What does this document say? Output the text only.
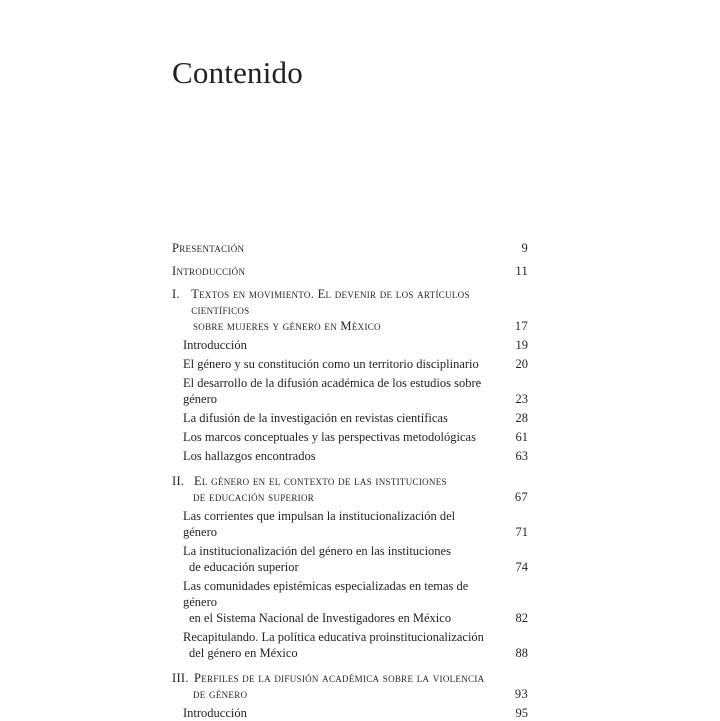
Contenido
Presentación	9
Introducción	11
I. Textos en movimiento. El devenir de los artículos científicos
sobre mujeres y género en México	17
Introducción	19
El género y su constitución como un territorio disciplinario	20
El desarrollo de la difusión académica de los estudios sobre género	23
La difusión de la investigación en revistas científicas	28
Los marcos conceptuales y las perspectivas metodológicas	61
Los hallazgos encontrados	63
II. El género en el contexto de las instituciones
de educación superior	67
Las corrientes que impulsan la institucionalización del género	71
La institucionalización del género en las instituciones
de educación superior	74
Las comunidades epistémicas especializadas en temas de género
en el Sistema Nacional de Investigadores en México	82
Recapitulando. La política educativa proinstitucionalización
del género en México	88
III. Perfiles de la difusión académica sobre la violencia
de género	93
Introducción	95
